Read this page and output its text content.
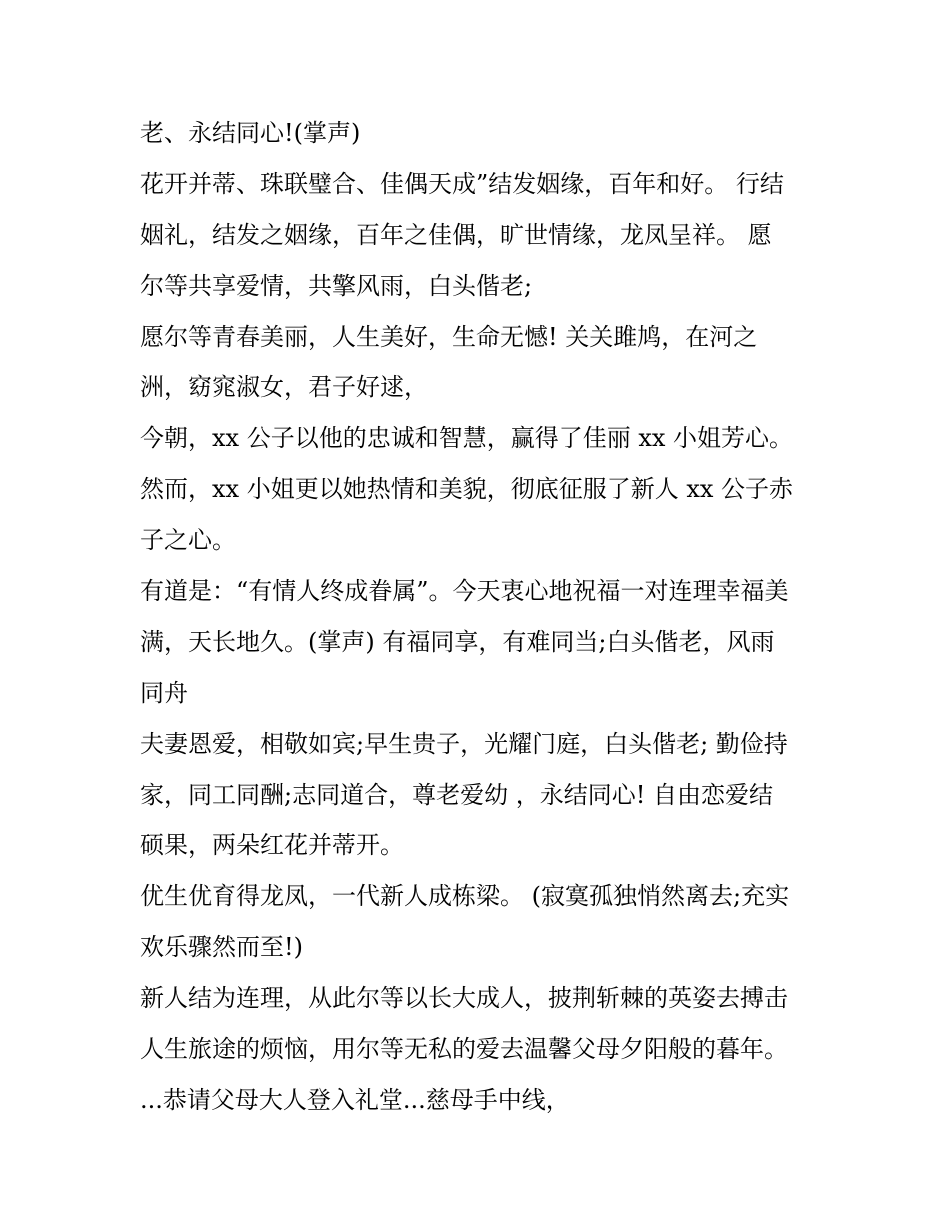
老、永结同心!(掌声)
花开并蒂、珠联璧合、佳偶天成”结发姻缘，百年和好。 行结
姻礼，结发之姻缘，百年之佳偶，旷世情缘，龙凤呈祥。 愿
尔等共享爱情，共擎风雨，白头偕老;
愿尔等青春美丽，人生美好，生命无憾! 关关雎鸠，在河之
洲，窈窕淑女，君子好逑，
今朝，xx 公子以他的忠诚和智慧，赢得了佳丽 xx 小姐芳心。
然而，xx 小姐更以她热情和美貌，彻底征服了新人 xx 公子赤
子之心。
有道是：“有情人终成眷属”。今天衷心地祝福一对连理幸福美
满，天长地久。(掌声) 有福同享，有难同当;白头偕老，风雨
同舟
夫妻恩爱，相敬如宾;早生贵子，光耀门庭，白头偕老; 勤俭持
家，同工同酬;志同道合，尊老爱幼 ，永结同心! 自由恋爱结
硕果，两朵红花并蒂开。
优生优育得龙凤，一代新人成栋梁。 (寂寞孤独悄然离去;充实
欢乐骤然而至!)
新人结为连理，从此尔等以长大成人，披荆斩棘的英姿去搏击
人生旅途的烦恼，用尔等无私的爱去温馨父母夕阳般的暮年。
...恭请父母大人登入礼堂...慈母手中线，
